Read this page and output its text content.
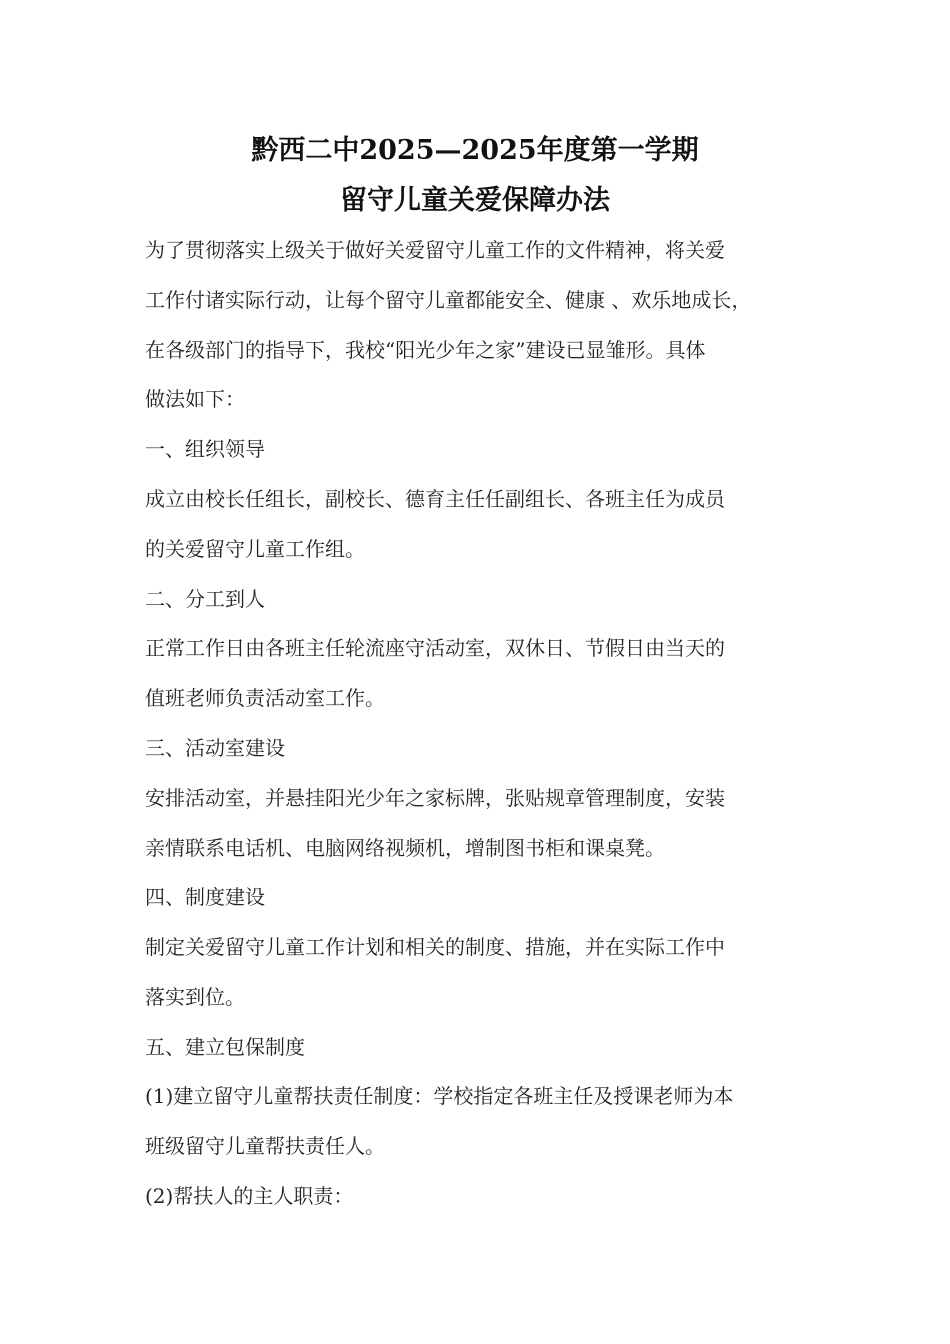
黔西二中2025—2025年度第一学期
留守儿童关爱保障办法
为了贯彻落实上级关于做好关爱留守儿童工作的文件精神，将关爱
工作付诸实际行动，让每个留守儿童都能安全、健康 、欢乐地成长，
在各级部门的指导下，我校“阳光少年之家”建设已显雏形。具体
做法如下：
一、组织领导
成立由校长任组长，副校长、德育主任任副组长、各班主任为成员
的关爱留守儿童工作组。
二、分工到人
正常工作日由各班主任轮流座守活动室，双休日、节假日由当天的
值班老师负责活动室工作。
三、活动室建设
安排活动室，并悬挂阳光少年之家标牌，张贴规章管理制度，安装
亲情联系电话机、电脑网络视频机，增制图书柜和课桌凳。
四、制度建设
制定关爱留守儿童工作计划和相关的制度、措施，并在实际工作中
落实到位。
五、建立包保制度
(1)建立留守儿童帮扶责任制度：学校指定各班主任及授课老师为本
班级留守儿童帮扶责任人。
(2)帮扶人的主人职责：
